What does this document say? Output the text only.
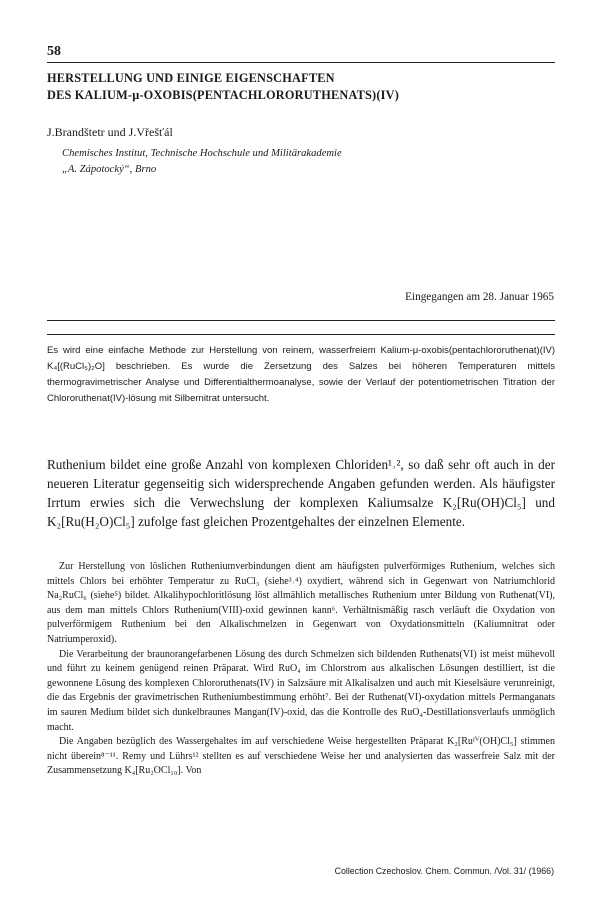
58
HERSTELLUNG UND EINIGE EIGENSCHAFTEN
DES KALIUM-μ-OXOBIS(PENTACHLORORUTHENATS)(IV)
J.Brandštetr und J.Vřešťál
Chemisches Institut, Technische Hochschule und Militärakademie
„A. Zápotocký“, Brno
Eingegangen am 28. Januar 1965
Es wird eine einfache Methode zur Herstellung von reinem, wasserfreiem Kalium-μ-oxobis(pentachlororuthenat)(IV) K₄[(RuCl₅)₂O] beschrieben. Es wurde die Zersetzung des Salzes bei höheren Temperaturen mittels thermogravimetrischer Analyse und Differentialthermoanalyse, sowie der Verlauf der potentiometrischen Titration der Chlororuthenat(IV)-lösung mit Silbernitrat untersucht.
Ruthenium bildet eine große Anzahl von komplexen Chloriden¹˒², so daß sehr oft auch in der neueren Literatur gegenseitig sich widersprechende Angaben gefunden werden. Als häufigster Irrtum erwies sich die Verwechslung der komplexen Kaliumsalze K₂[Ru(OH)Cl₅] und K₂[Ru(H₂O)Cl₅] zufolge fast gleichen Prozentgehaltes der einzelnen Elemente.

Zur Herstellung von löslichen Rutheniumverbindungen dient am häufigsten pulverförmiges Ruthenium, welches sich mittels Chlors bei erhöhter Temperatur zu RuCl₃ (siehe³˒⁴) oxydiert, während sich in Gegenwart von Natriumchlorid Na₂RuCl₆ (siehe⁵) bildet. Alkalihypochloritlösung löst allmählich metallisches Ruthenium unter Bildung von Ruthenat(VI), aus dem man mittels Chlors Ruthenium(VIII)-oxid gewinnen kann⁶. Verhältnismäßig rasch verläuft die Oxydation von pulverförmigem Ruthenium bei den Alkalischmelzen in Gegenwart von Oxydationsmitteln (Kaliumnitrat oder Natriumperoxid).

Die Verarbeitung der braunorangefarbenen Lösung des durch Schmelzen sich bildenden Ruthenats(VI) ist meist mühevoll und führt zu keinem genügend reinen Präparat. Wird RuO₄ im Chlorstrom aus alkalischen Lösungen destilliert, ist die gewonnene Lösung des komplexen Chlororuthenats(IV) in Salzsäure mit Alkalisalzen und auch mit Kieselsäure verunreinigt, die das Ergebnis der gravimetrischen Rutheniumbestimmung erhöht⁷. Bei der Ruthenat(VI)-oxydation mittels Permanganats im sauren Medium bildet sich dunkelbraunes Mangan(IV)-oxid, das die Kontrolle des RuO₄-Destillationsverlaufs unmöglich macht.

Die Angaben bezüglich des Wassergehaltes im auf verschiedene Weise hergestellten Präparat K₂[Ruᴵⱽ(OH)Cl₅] stimmen nicht überein⁸⁻¹¹. Remy und Lührs¹² stellten es auf verschiedene Weise her und analysierten das wasserfreie Salz mit der Zusammensetzung K₄[Ru₂OCl₁₀]. Von

Collection Czechoslov. Chem. Commun. /Vol. 31/ (1966)
